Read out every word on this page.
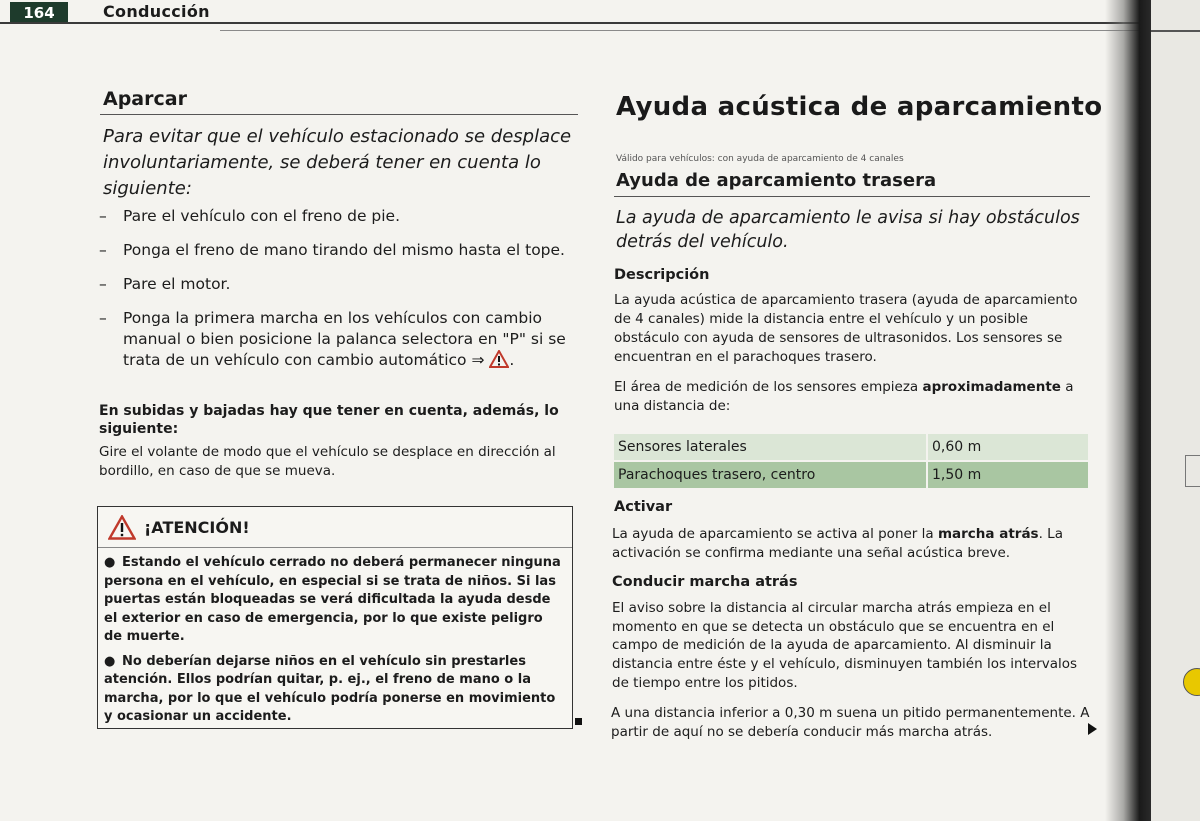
164	Conducción
Aparcar
Para evitar que el vehículo estacionado se desplace involuntariamente, se deberá tener en cuenta lo siguiente:
– Pare el vehículo con el freno de pie.
– Ponga el freno de mano tirando del mismo hasta el tope.
– Pare el motor.
– Ponga la primera marcha en los vehículos con cambio manual o bien posicione la palanca selectora en "P" si se trata de un vehículo con cambio automático ⇒ .
En subidas y bajadas hay que tener en cuenta, además, lo siguiente:
Gire el volante de modo que el vehículo se desplace en dirección al bordillo, en caso de que se mueva.
¡ATENCIÓN!

● Estando el vehículo cerrado no deberá permanecer ninguna persona en el vehículo, en especial si se trata de niños. Si las puertas están bloqueadas se verá dificultada la ayuda desde el exterior en caso de emergencia, por lo que existe peligro de muerte.

● No deberían dejarse niños en el vehículo sin prestarles atención. Ellos podrían quitar, p. ej., el freno de mano o la marcha, por lo que el vehículo podría ponerse en movimiento y ocasionar un accidente.

Ayuda acústica de aparcamiento
Válido para vehículos: con ayuda de aparcamiento de 4 canales
Ayuda de aparcamiento trasera
La ayuda de aparcamiento le avisa si hay obstáculos detrás del vehículo.
Descripción
La ayuda acústica de aparcamiento trasera (ayuda de aparcamiento de 4 canales) mide la distancia entre el vehículo y un posible obstáculo con ayuda de sensores de ultrasonidos. Los sensores se encuentran en el parachoques trasero.
El área de medición de los sensores empieza aproximadamente a una distancia de:
Sensores laterales	0,60 m
Parachoques trasero, centro	1,50 m
Activar
La ayuda de aparcamiento se activa al poner la marcha atrás. La activación se confirma mediante una señal acústica breve.
Conducir marcha atrás
El aviso sobre la distancia al circular marcha atrás empieza en el momento en que se detecta un obstáculo que se encuentra en el campo de medición de la ayuda de aparcamiento. Al disminuir la distancia entre éste y el vehículo, disminuyen también los intervalos de tiempo entre los pitidos.
A una distancia inferior a 0,30 m suena un pitido permanentemente. A partir de aquí no se debería conducir más marcha atrás.
